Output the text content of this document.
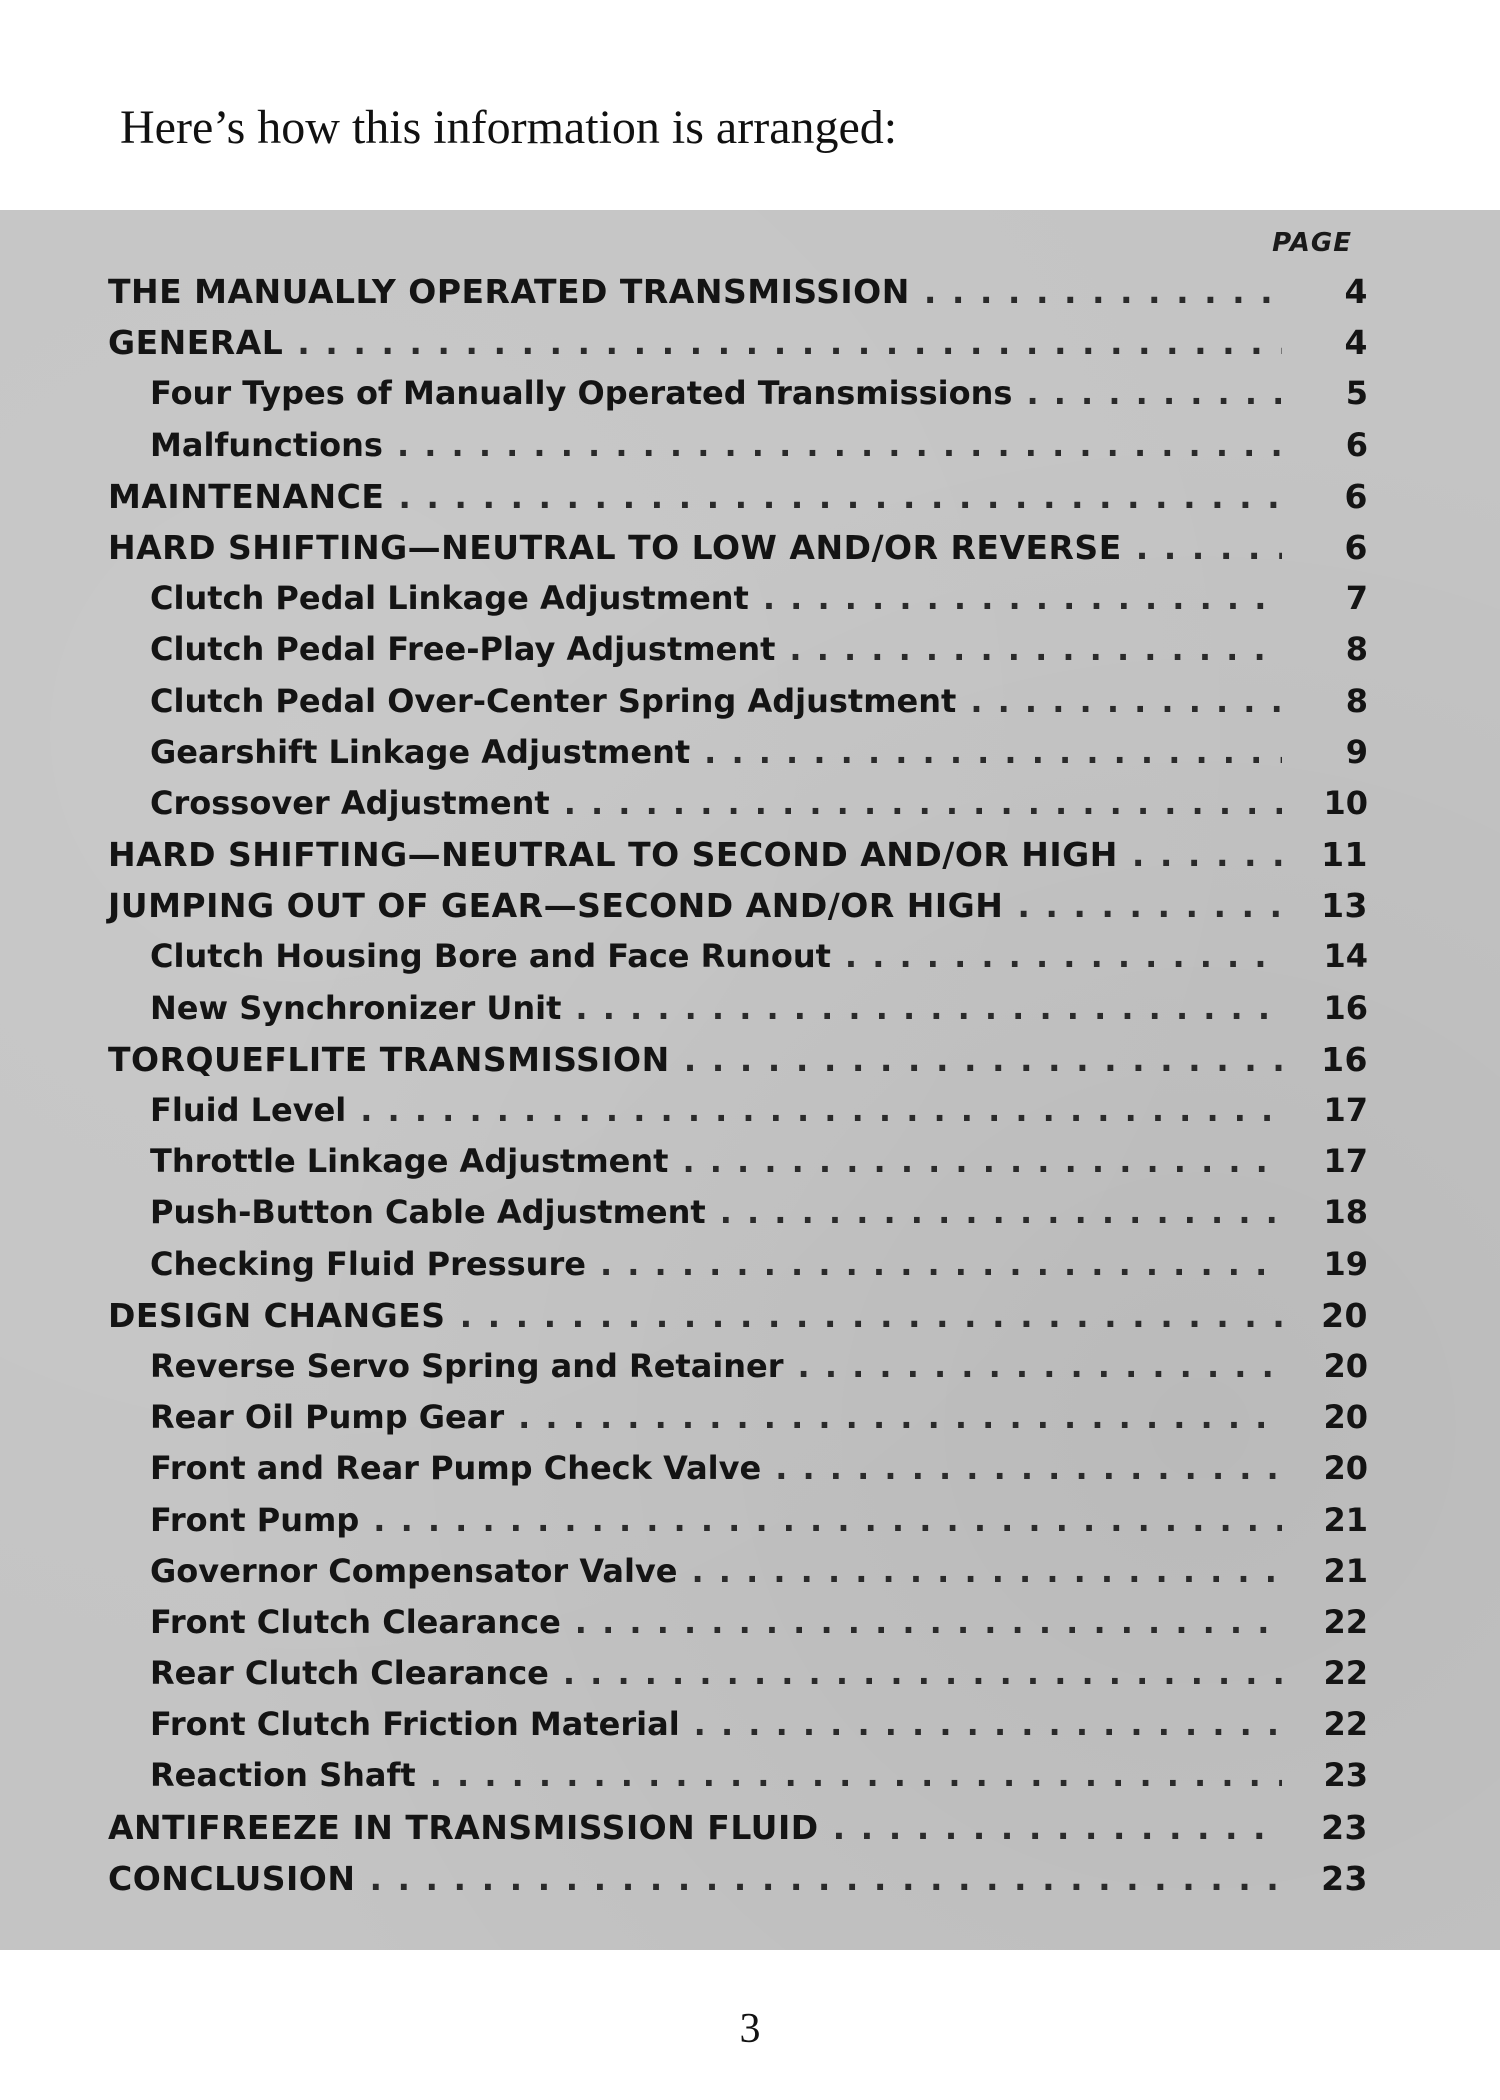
Here’s how this information is arranged:

PAGE
THE MANUALLY OPERATED TRANSMISSION . . .	4
GENERAL . . .	4
Four Types of Manually Operated Transmissions . . .	5
Malfunctions . . .	6
MAINTENANCE . . .	6
HARD SHIFTING—NEUTRAL TO LOW AND/OR REVERSE . . .	6
Clutch Pedal Linkage Adjustment . . .	7
Clutch Pedal Free-Play Adjustment . . .	8
Clutch Pedal Over-Center Spring Adjustment . . .	8
Gearshift Linkage Adjustment . . .	9
Crossover Adjustment . . .	10
HARD SHIFTING—NEUTRAL TO SECOND AND/OR HIGH . . .	11
JUMPING OUT OF GEAR—SECOND AND/OR HIGH . . .	13
Clutch Housing Bore and Face Runout . . .	14
New Synchronizer Unit . . .	16
TORQUEFLITE TRANSMISSION . . .	16
Fluid Level . . .	17
Throttle Linkage Adjustment . . .	17
Push-Button Cable Adjustment . . .	18
Checking Fluid Pressure . . .	19
DESIGN CHANGES . . .	20
Reverse Servo Spring and Retainer . . .	20
Rear Oil Pump Gear . . .	20
Front and Rear Pump Check Valve . . .	20
Front Pump . . .	21
Governor Compensator Valve . . .	21
Front Clutch Clearance . . .	22
Rear Clutch Clearance . . .	22
Front Clutch Friction Material . . .	22
Reaction Shaft . . .	23
ANTIFREEZE IN TRANSMISSION FLUID . . .	23
CONCLUSION . . .	23
3
